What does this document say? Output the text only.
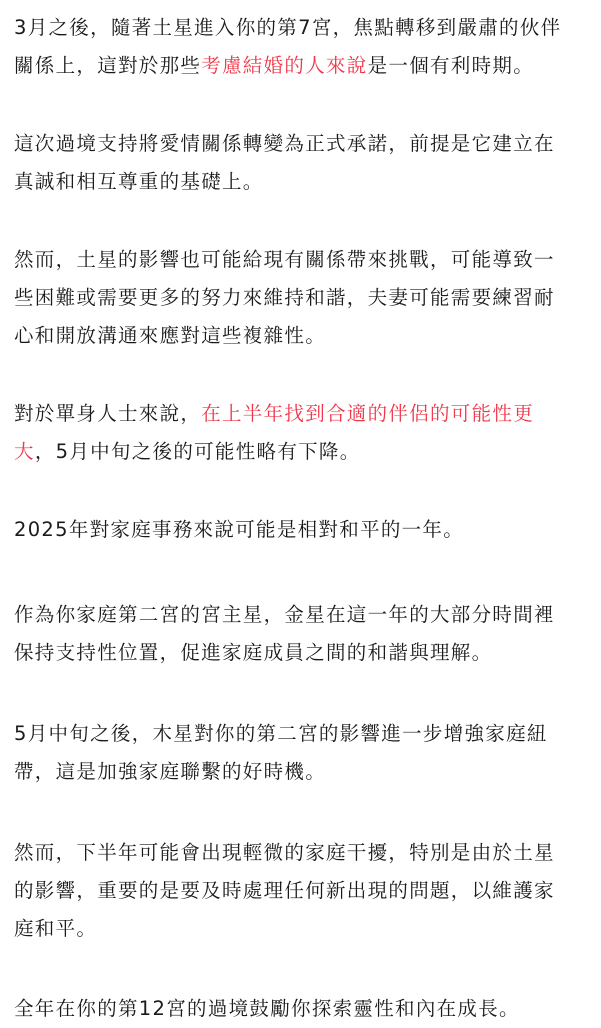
3月之後，隨著土星進入你的第7宮，焦點轉移到嚴肅的伙伴
關係上，這對於那些考慮結婚的人來說是一個有利時期。

這次過境支持將愛情關係轉變為正式承諾，前提是它建立在
真誠和相互尊重的基礎上。

然而，土星的影響也可能給現有關係帶來挑戰，可能導致一
些困難或需要更多的努力來維持和諧，夫妻可能需要練習耐
心和開放溝通來應對這些複雜性。

對於單身人士來說，在上半年找到合適的伴侶的可能性更
大，5月中旬之後的可能性略有下降。

2025年對家庭事務來說可能是相對和平的一年。

作為你家庭第二宮的宮主星，金星在這一年的大部分時間裡
保持支持性位置，促進家庭成員之間的和諧與理解。

5月中旬之後，木星對你的第二宮的影響進一步增強家庭紐
帶，這是加強家庭聯繫的好時機。

然而，下半年可能會出現輕微的家庭干擾，特別是由於土星
的影響，重要的是要及時處理任何新出現的問題，以維護家
庭和平。

全年在你的第12宮的過境鼓勵你探索靈性和內在成長。
